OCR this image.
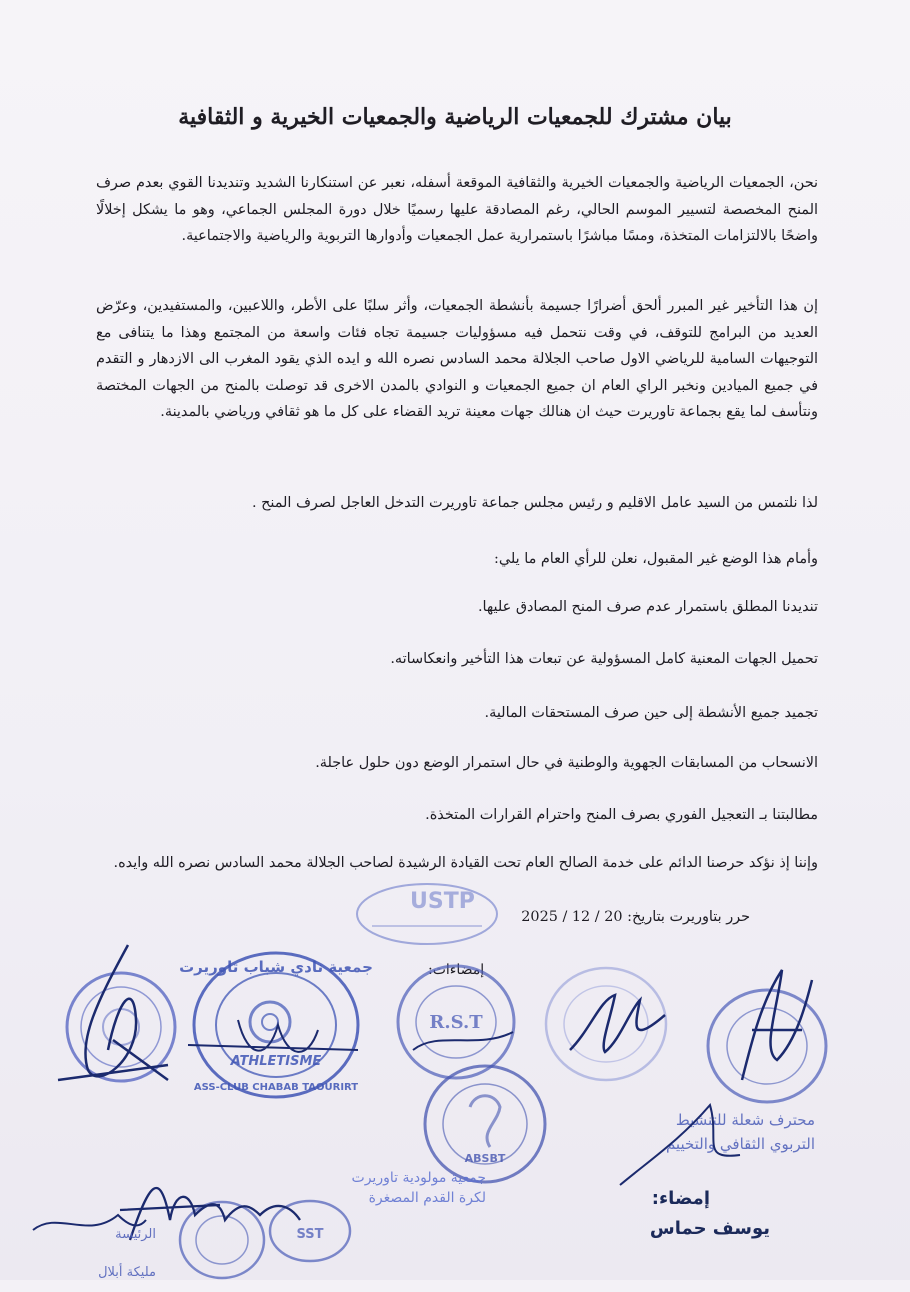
بيان مشترك للجمعيات الرياضية والجمعيات الخيرية و الثقافية
نحن، الجمعيات الرياضية والجمعيات الخيرية والثقافية الموقعة أسفله، نعبر عن استنكارنا الشديد وتنديدنا القوي بعدم صرف المنح المخصصة لتسيير الموسم الحالي، رغم المصادقة عليها رسميًا خلال دورة المجلس الجماعي، وهو ما يشكل إخلالًا واضحًا بالالتزامات المتخذة، ومسًا مباشرًا باستمرارية عمل الجمعيات وأدوارها التربوية والرياضية والاجتماعية.
إن هذا التأخير غير المبرر ألحق أضرارًا جسيمة بأنشطة الجمعيات، وأثر سلبًا على الأطر، واللاعبين، والمستفيدين، وعرّض العديد من البرامج للتوقف، في وقت نتحمل فيه مسؤوليات جسيمة تجاه فئات واسعة من المجتمع وهذا ما يتنافى مع التوجيهات السامية للرياضي الاول صاحب الجلالة محمد السادس نصره الله و ايده الذي يقود المغرب الى الازدهار و التقدم في جميع الميادين ونخبر الراي العام ان جميع الجمعيات و النوادي بالمدن الاخرى قد توصلت بالمنح من الجهات المختصة ونتأسف لما يقع بجماعة تاوريرت حيث ان هنالك جهات معينة تريد القضاء على كل ما هو ثقافي ورياضي بالمدينة.
لذا نلتمس من السيد عامل الاقليم و رئيس مجلس جماعة تاوريرت التدخل العاجل لصرف المنح .
وأمام هذا الوضع غير المقبول، نعلن للرأي العام ما يلي:
تنديدنا المطلق باستمرار عدم صرف المنح المصادق عليها.
تحميل الجهات المعنية كامل المسؤولية عن تبعات هذا التأخير وانعكاساته.
تجميد جميع الأنشطة إلى حين صرف المستحقات المالية.
الانسحاب من المسابقات الجهوية والوطنية في حال استمرار الوضع دون حلول عاجلة.
مطالبتنا بـ التعجيل الفوري بصرف المنح واحترام القرارات المتخذة.
وإننا إذ نؤكد حرصنا الدائم على خدمة الصالح العام تحت القيادة الرشيدة لصاحب الجلالة محمد السادس نصره الله وايده.
USTP
حرر بتاوريرت بتاريخ: 20 / 12 / 2025
إمضاءات:
جمعية نادي شباب تاوريرت
ATHLETISME
ASS-CLUB CHABAB TAOURIRT
R.S.T
ABSBT
محترف شعلة للتنشيط
التربوي الثقافي والتخييم
إمضاء:
يوسف حماس
جمعية مولودية تاوريرت
لكرة القدم المصغرة
SST
الرئيسة
مليكة أبلال
